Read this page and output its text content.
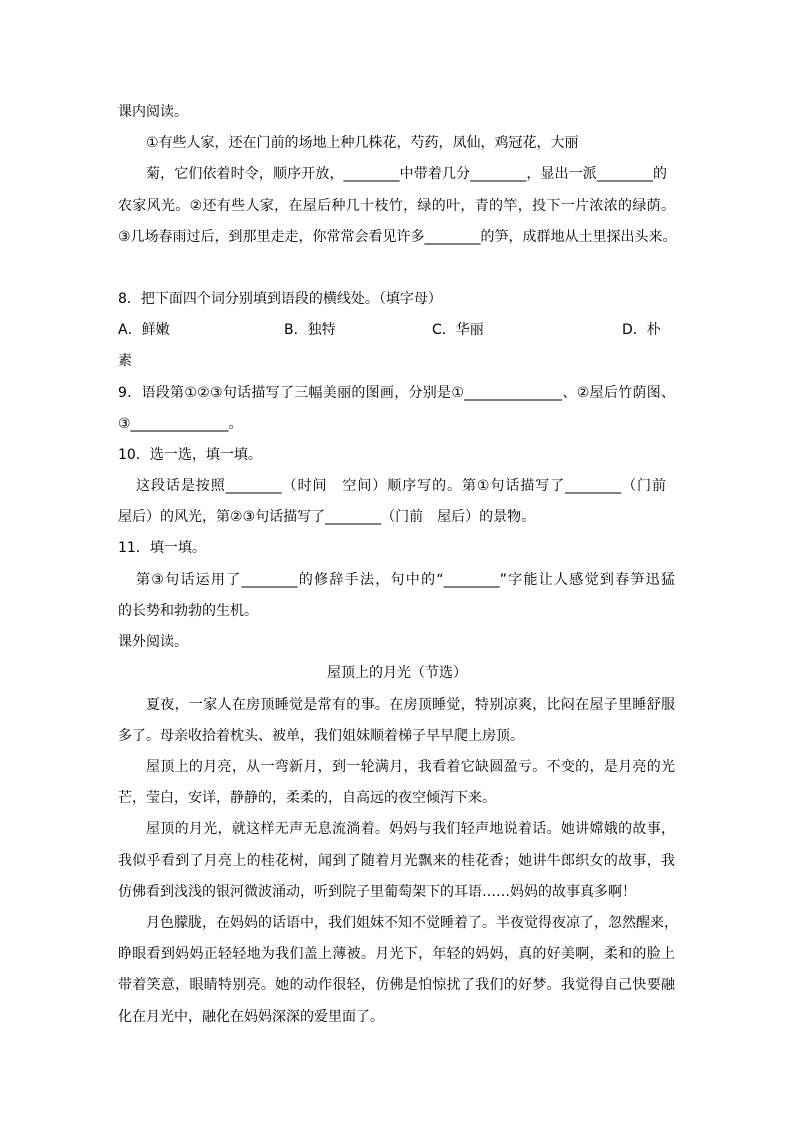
课内阅读。
①有些人家，还在门前的场地上种几株花，芍药，凤仙，鸡冠花，大丽
菊，它们依着时令，顺序开放，________中带着几分________，显出一派________的
农家风光。②还有些人家，在屋后种几十枝竹，绿的叶，青的竿，投下一片浓浓的绿荫。
③几场春雨过后，到那里走走，你常常会看见许多________的笋，成群地从土里探出头来。
8．把下面四个词分别填到语段的横线处。（填字母）
A．鲜嫩	B．独特	C．华丽	D．朴
素
9．语段第①②③句话描写了三幅美丽的图画，分别是①______________、②屋后竹荫图、
③______________。
10．选一选，填一填。
这段话是按照________（时间　空间）顺序写的。第①句话描写了________（门前
屋后）的风光，第②③句话描写了________（门前　屋后）的景物。
11．填一填。
第③句话运用了________的修辞手法，句中的“________”字能让人感觉到春笋迅猛
的长势和勃勃的生机。
课外阅读。
屋顶上的月光（节选）
夏夜，一家人在房顶睡觉是常有的事。在房顶睡觉，特别凉爽，比闷在屋子里睡舒服
多了。母亲收拾着枕头、被单，我们姐妹顺着梯子早早爬上房顶。
屋顶上的月亮，从一弯新月，到一轮满月，我看着它缺圆盈亏。不变的，是月亮的光
芒，莹白，安详，静静的，柔柔的，自高远的夜空倾泻下来。
屋顶的月光，就这样无声无息流淌着。妈妈与我们轻声地说着话。她讲嫦娥的故事，
我似乎看到了月亮上的桂花树，闻到了随着月光飘来的桂花香；她讲牛郎织女的故事，我
仿佛看到浅浅的银河微波涌动，听到院子里葡萄架下的耳语……妈妈的故事真多啊！
月色朦胧，在妈妈的话语中，我们姐妹不知不觉睡着了。半夜觉得夜凉了，忽然醒来，
睁眼看到妈妈正轻轻地为我们盖上薄被。月光下，年轻的妈妈，真的好美啊，柔和的脸上
带着笑意，眼睛特别亮。她的动作很轻，仿佛是怕惊扰了我们的好梦。我觉得自己快要融
化在月光中，融化在妈妈深深的爱里面了。
